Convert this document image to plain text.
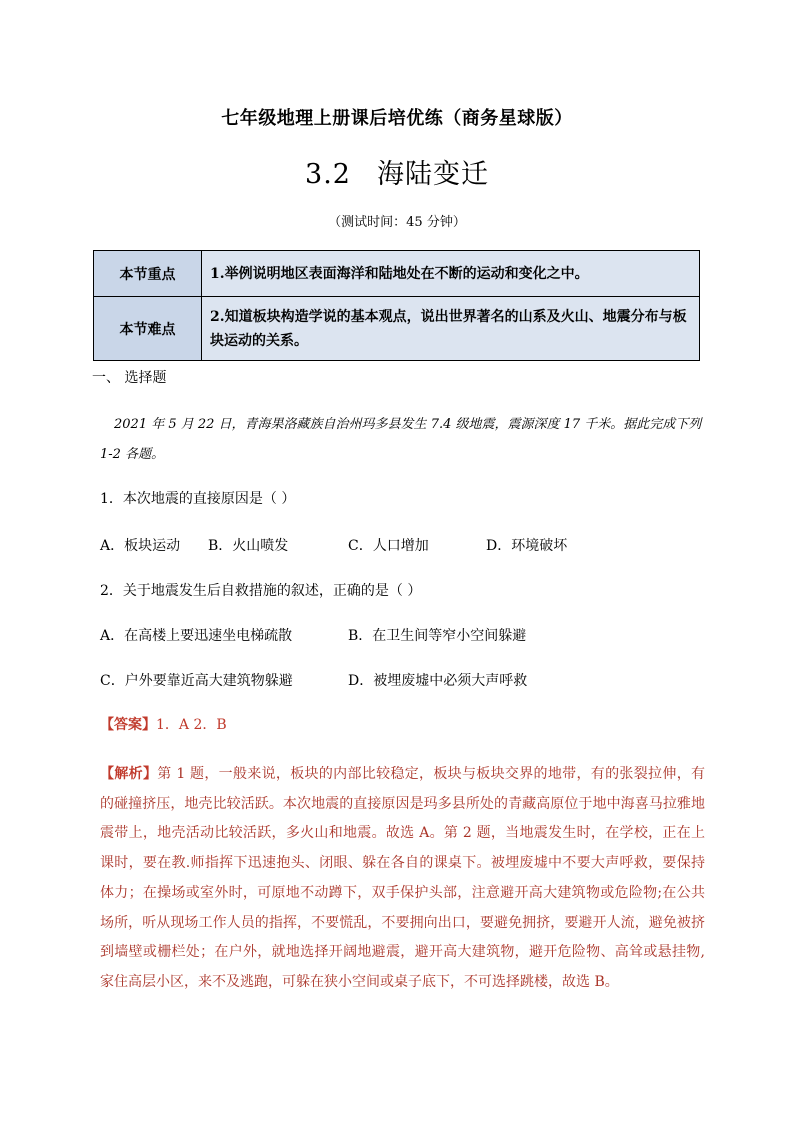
七年级地理上册课后培优练（商务星球版）
3.2 海陆变迁
（测试时间：45 分钟）
本节重点	1.举例说明地区表面海洋和陆地处在不断的运动和变化之中。
本节难点	2.知道板块构造学说的基本观点，说出世界著名的山系及火山、地震分布与板块运动的关系。
一、 选择题
2021 年 5 月 22 日，青海果洛藏族自治州玛多县发生 7.4 级地震，震源深度 17 千米。据此完成下列
1-2 各题。
1．本次地震的直接原因是（ ）
A．板块运动 B．火山喷发	C．人口增加	D．环境破坏
2．关于地震发生后自救措施的叙述，正确的是（ ）
A．在高楼上要迅速坐电梯疏散	B．在卫生间等窄小空间躲避
C．户外要靠近高大建筑物躲避	D．被埋废墟中必须大声呼救
【答案】1．A 2．B
【解析】第 1 题，一般来说，板块的内部比较稳定，板块与板块交界的地带，有的张裂拉伸，有的碰撞挤压，地壳比较活跃。本次地震的直接原因是玛多县所处的青藏高原位于地中海喜马拉雅地震带上，地壳活动比较活跃，多火山和地震。故选 A。第 2 题，当地震发生时，在学校，正在上课时，要在教.师指挥下迅速抱头、闭眼、躲在各自的课桌下。被埋废墟中不要大声呼救，要保持体力；在操场或室外时，可原地不动蹲下，双手保护头部，注意避开高大建筑物或危险物;在公共场所，听从现场工作人员的指挥，不要慌乱，不要拥向出口，要避免拥挤，要避开人流，避免被挤到墙壁或栅栏处；在户外，就地选择开阔地避震，避开高大建筑物，避开危险物、高耸或悬挂物,家住高层小区，来不及逃跑，可躲在狭小空间或桌子底下，不可选择跳楼，故选 B。
